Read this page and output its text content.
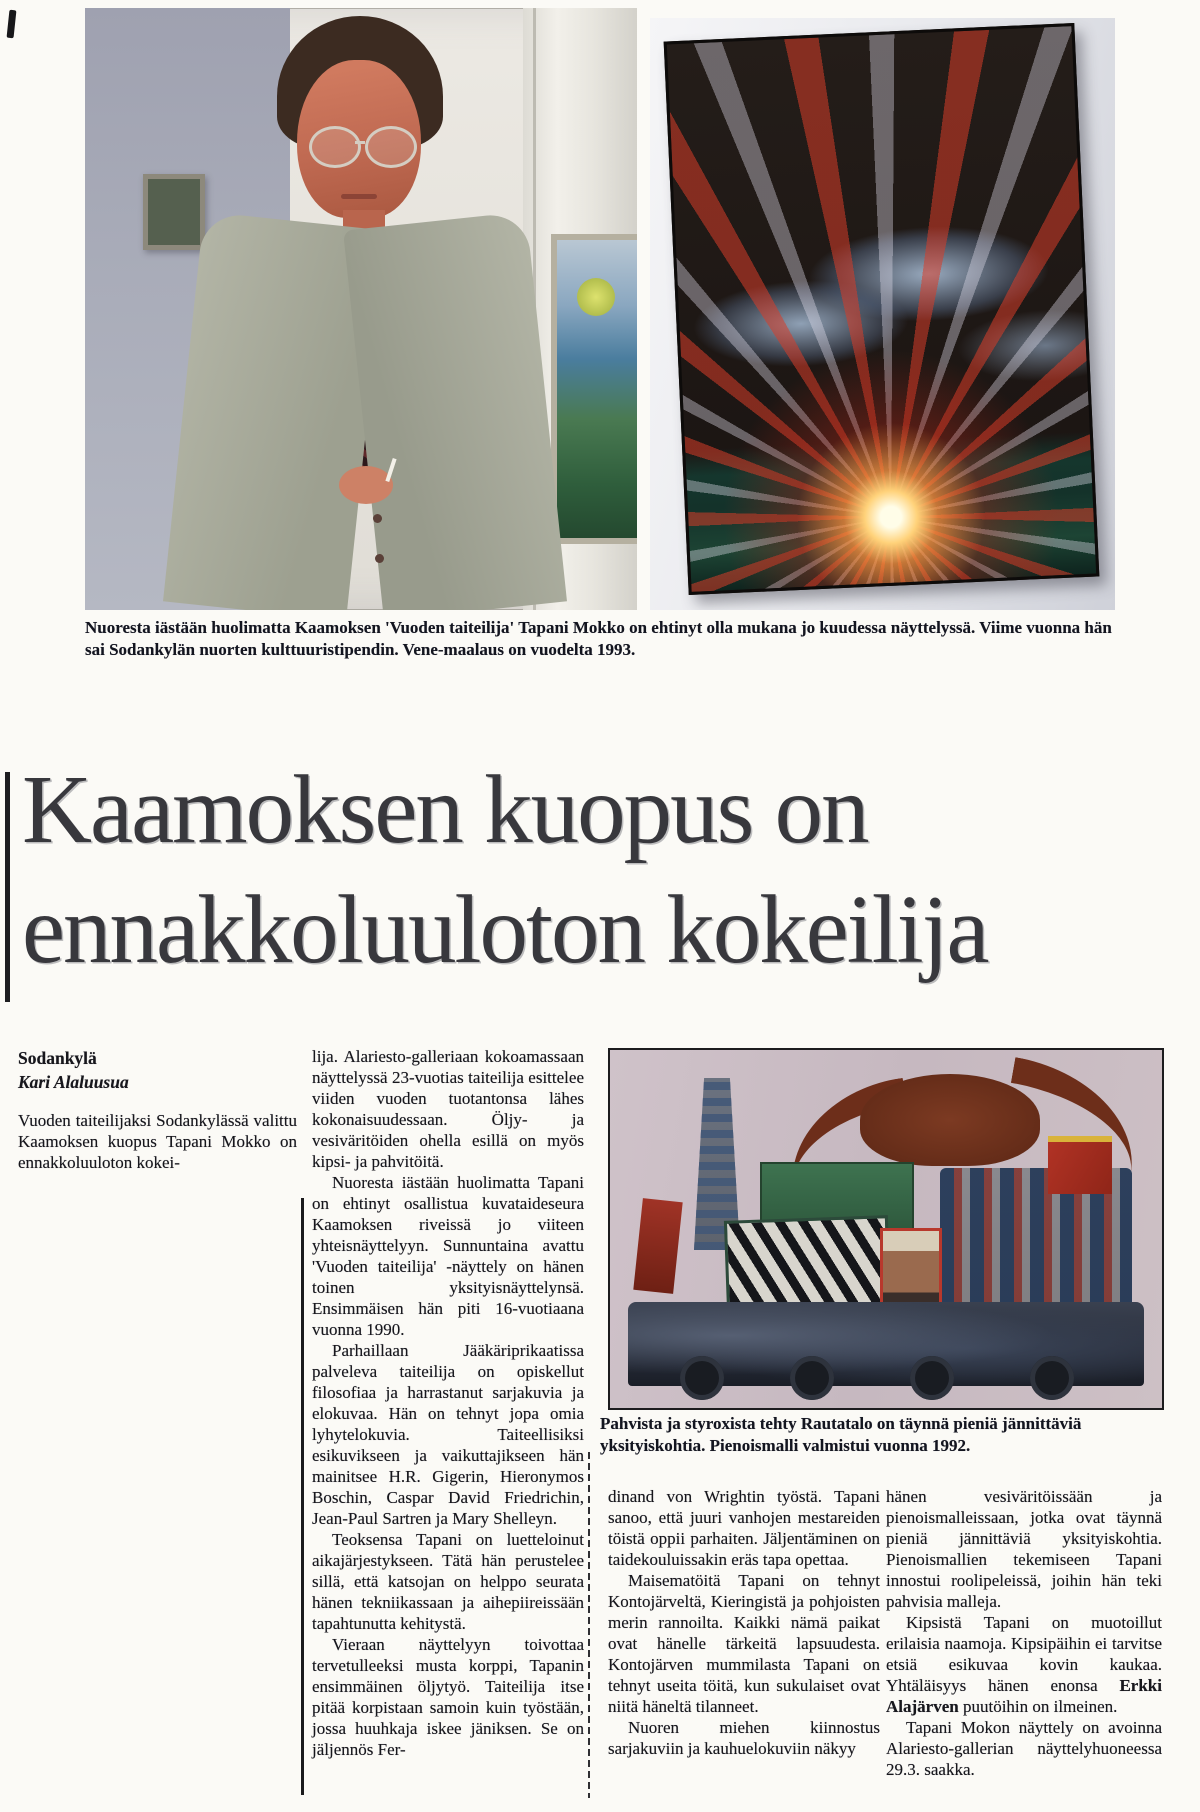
Nuoresta iästään huolimatta Kaamoksen 'Vuoden taiteilija' Tapani Mokko on ehtinyt olla mukana jo kuudessa näyttelyssä. Viime vuonna hän sai Sodankylän nuorten kulttuuristipendin. Vene-maalaus on vuodelta 1993.
Kaamoksen kuopus on
ennakkoluuloton kokeilija
Sodankylä
Kari Alaluusua

Vuoden taiteilijaksi Sodankylässä valittu Kaamoksen kuopus Tapani Mokko on ennakkoluuloton kokei-

lija. Alariesto-galleriaan kokoamassaan näyttelyssä 23-vuotias taiteilija esittelee viiden vuoden tuotantonsa lähes kokonaisuudessaan. Öljy- ja vesiväritöiden ohella esillä on myös kipsi- ja pahvitöitä.

Nuoresta iästään huolimatta Tapani on ehtinyt osallistua kuvataideseura Kaamoksen riveissä jo viiteen yhteisnäyttelyyn. Sunnuntaina avattu 'Vuoden taiteilija' -näyttely on hänen toinen yksityisnäyttelynsä. Ensimmäisen hän piti 16-vuotiaana vuonna 1990.

Parhaillaan Jääkäriprikaatissa palveleva taiteilija on opiskellut filosofiaa ja harrastanut sarjakuvia ja elokuvaa. Hän on tehnyt jopa omia lyhytelokuvia. Taiteellisiksi esikuvikseen ja vaikuttajikseen hän mainitsee H.R. Gigerin, Hieronymos Boschin, Caspar David Friedrichin, Jean-Paul Sartren ja Mary Shelleyn.

Teoksensa Tapani on luetteloinut aikajärjestykseen. Tätä hän perustelee sillä, että katsojan on helppo seurata hänen tekniikassaan ja aihepiireissään tapahtunutta kehitystä.

Vieraan näyttelyyn toivottaa tervetulleeksi musta korppi, Tapanin ensimmäinen öljytyö. Taiteilija itse pitää korpistaan samoin kuin työstään, jossa huuhkaja iskee jäniksen. Se on jäljennös Fer-

Pahvista ja styroxista tehty Rautatalo on täynnä pieniä jännittäviä yksityiskohtia. Pienoismalli valmistui vuonna 1992.

dinand von Wrightin työstä. Tapani sanoo, että juuri vanhojen mestareiden töistä oppii parhaiten. Jäljentäminen on taidekouluissakin eräs tapa opettaa.

Maisematöitä Tapani on tehnyt Kontojärveltä, Kieringistä ja pohjoisten merin rannoilta. Kaikki nämä paikat ovat hänelle tärkeitä lapsuudesta. Kontojärven mummilasta Tapani on tehnyt useita töitä, kun sukulaiset ovat niitä häneltä tilanneet.

Nuoren miehen kiinnostus sarjakuviin ja kauhuelokuviin näkyy

hänen vesiväritöissään ja pienoismalleissaan, jotka ovat täynnä pieniä jännittäviä yksityiskohtia. Pienoismallien tekemiseen Tapani innostui roolipeleissä, joihin hän teki pahvisia malleja.

Kipsistä Tapani on muotoillut erilaisia naamoja. Kipsipäihin ei tarvitse etsiä esikuvaa kovin kaukaa. Yhtäläisyys hänen enonsa Erkki Alajärven puutöihin on ilmeinen.

Tapani Mokon näyttely on avoinna Alariesto-gallerian näyttelyhuoneessa 29.3. saakka.
